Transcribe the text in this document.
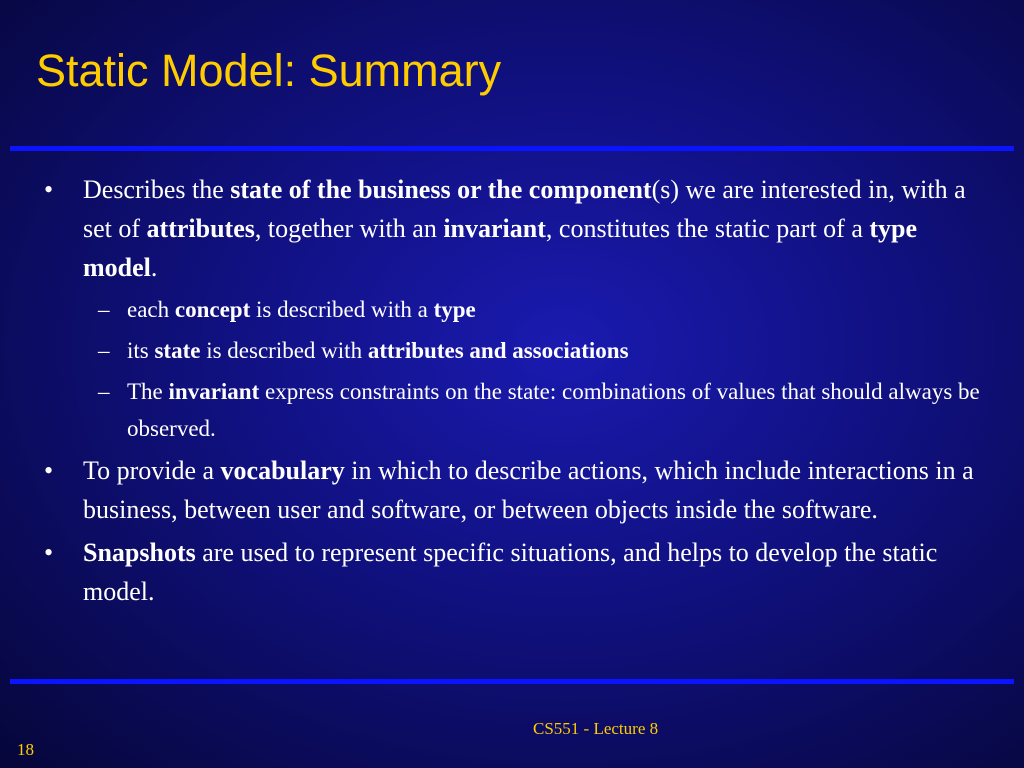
Static Model: Summary
• Describes the state of the business or the component(s) we are interested in, with a set of attributes, together with an invariant, constitutes the static part of a type model.
– each concept is described with a type
– its state is described with attributes and associations
– The invariant express constraints on the state: combinations of values that should always be observed.
• To provide a vocabulary in which to describe actions, which include interactions in a business, between user and software, or between objects inside the software.
• Snapshots are used to represent specific situations, and helps to develop the static model.
CS551 - Lecture 8
18
